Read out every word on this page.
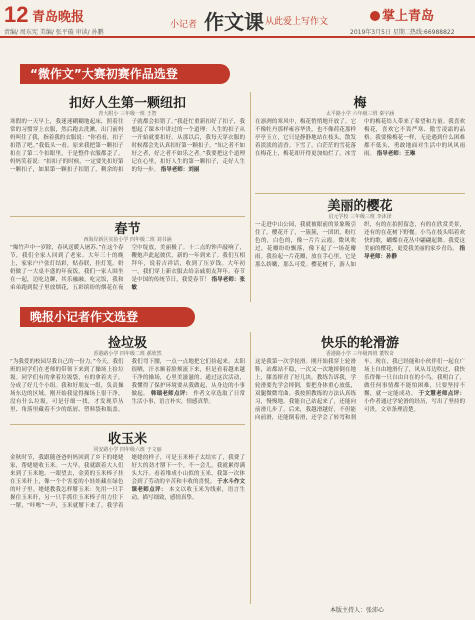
12 青岛晚报
责编/ 周东宪 美编/ 张平璇 审读/ 孙鹏
小记者 作文课 从此爱上写作文	掌上青岛
2019年3月5日 星期二 热线:66988822
“微作文”大赛初赛作品选登
扣好人生第一颗纽扣
青大附小 三年级一班 王智
寒假的一天早上，我迷迷糊糊地起床，照着往常的习惯穿上衣服，然后跑去洗漱。出门前妈妈叫住了我，指着我的衣服说：“你看看，扣子扣错了吧。”我低头一看，原来我把第一颗扣子扣在了第二个扣眼里，于是整件衣服都歪了。妈妈笑着说：“扣扣子的时候，一定要先扣好第一颗扣子，如果第一颗扣子扣错了，剩余的扣子就都会扣错了。”我赶忙重新扣好了扣子，我想起了课本中讲过的一个道理：人生的扣子从一开始就要扣好。从那以后，我每天穿衣服的时候都会先认真扣好第一颗扣子。“知之者不如好之者，好之者不如乐之者。”我要把这个道理记在心里，扣好人生的第一颗扣子，走好人生的每一步。 指导老师：刘丽
梅
太平路小学 六年级三班 秦宇涵
在凛冽的寒风中，梅花悄悄地开放了。它不像牡丹那样雍容华贵，也不像荷花那样亭亭玉立，它只是静静地站在枝头，散发着淡淡的清香。下雪了，白茫茫的雪花落在梅花上，梅花却开得更加灿烂了。冰雪中的梅花给人带来了希望和力量。我喜欢梅花，喜欢它不畏严寒、傲雪凌霜的品格。我要像梅花一样，无论遇到什么困难都不低头，勇敢地面对生活中的风风雨雨。 指导老师：王琳
春节
西海岸新区实验小学 四年级二班 刘书涵
“爆竹声中一岁除，春风送暖入屠苏。”在这个春节，我们全家人回到了老家。大年三十的晚上，家家户户张灯结彩，贴春联，挂灯笼。奶奶做了一大桌丰盛的年夜饭，我们一家人围坐在一起，边吃边聊，其乐融融。吃完饭，我和弟弟跑到院子里放烟花，五彩缤纷的烟花在夜空中绽放，美丽极了。十二点的钟声敲响了，鞭炮声此起彼伏，新的一年到来了。我们互相拜年，说着吉祥话，收到了压岁钱。大年初一，我们穿上新衣服去给亲戚朋友拜年。春节是中国的传统节日，我爱春节！ 指导老师：张敏
美丽的樱花
启元学校 三年级三班 李沐泽
一走进中山公园，我就被眼前的景象吸引住了。樱花开了，一簇簇，一团团，粉红色的，白色的，像一片片云霞。微风吹过，花瓣纷纷飘落，像下起了一场花瓣雨。我捡起一片花瓣，放在手心里，它是那么娇嫩，那么可爱。樱花树下，游人如织，有的在拍照留念，有的在欣赏美景，还有的在花树下野餐。小鸟在枝头唱着欢快的歌，蝴蝶在花丛中翩翩起舞。我爱这美丽的樱花，更爱我美丽的家乡青岛。 指导老师：孙静
晚报小记者作文选登
捡垃圾
香港路小学 四年级二班 郝欣然
“为我爱的校园尽我自己的一份力。”今天，我们班的同学们在老师的带领下来到了操场上捡垃圾。同学们有的拿着垃圾袋，有的拿着夹子，分成了好几个小组。我和好朋友一组，负责操场东边的区域。刚开始我觉得操场上很干净，没有什么垃圾，可是仔细一找，才发现草丛里、角落里藏着不少的纸屑、塑料袋和瓶盖。我们弯下腰，一点一点地把它们捡起来。太阳很晒，汗水顺着脸颊流下来，但是看着越来越干净的操场，心里美滋滋的。通过这次活动，我懂得了保护环境要从我做起，从身边的小事做起。 韩瑞老师点评： 作者文章选取了日常生活小事，语言朴实，情感真挚。
收玉米
同安路小学 四年级六班 于文丽
金秋时节，我跟随爸爸妈妈回到了乡下的姥姥家，帮姥姥收玉米。一大早，我就跟着大人们来到了玉米地。一眼望去，金黄的玉米棒子挂在玉米秆上，像一个个害羞的小娃娃藏在绿色的叶子里。姥姥教我怎样掰玉米：先用一只手握住玉米秆，另一只手抓住玉米棒子用力往下一掰，“咔嚓”一声，玉米就掰下来了。我学着姥姥的样子，可是玉米棒子太结实了，我费了好大的劲才掰下一个。不一会儿，我就累得满头大汗。看着堆成小山似的玉米，我第一次体会到了劳动的辛苦和丰收的喜悦。 于水斗作文课老师点评： 本文以收玉米为线索，语言生动，描写细致，感情真挚。
快乐的轮滑游
香港路小学 三年级四班 董牧奇
这是我第一次学轮滑。刚开始我穿上轮滑鞋，站都站不稳，一次又一次地摔倒在地上，膝盖摔青了好几块。教练告诉我，学轮滑要先学会摔倒，要把身体重心放低，双腿微微弯曲。我按照教练的方法认真练习，慢慢地，我能自己站起来了，还能向前滑几步了。后来，我越滑越好，不但能向前滑，还能倒着滑，还学会了转弯和刹车。现在，我已经能和小伙伴们一起在广场上自由地滑行了，风从耳边吹过，我快乐得像一只自由自在的小鸟。我明白了，做任何事情都不能怕困难，只要坚持不懈，就一定能成功。 于文慧老师点评： 小作者通过学轮滑的经历，写出了坚持的可贵，文章条理清楚。
本版主持人：张沛心
